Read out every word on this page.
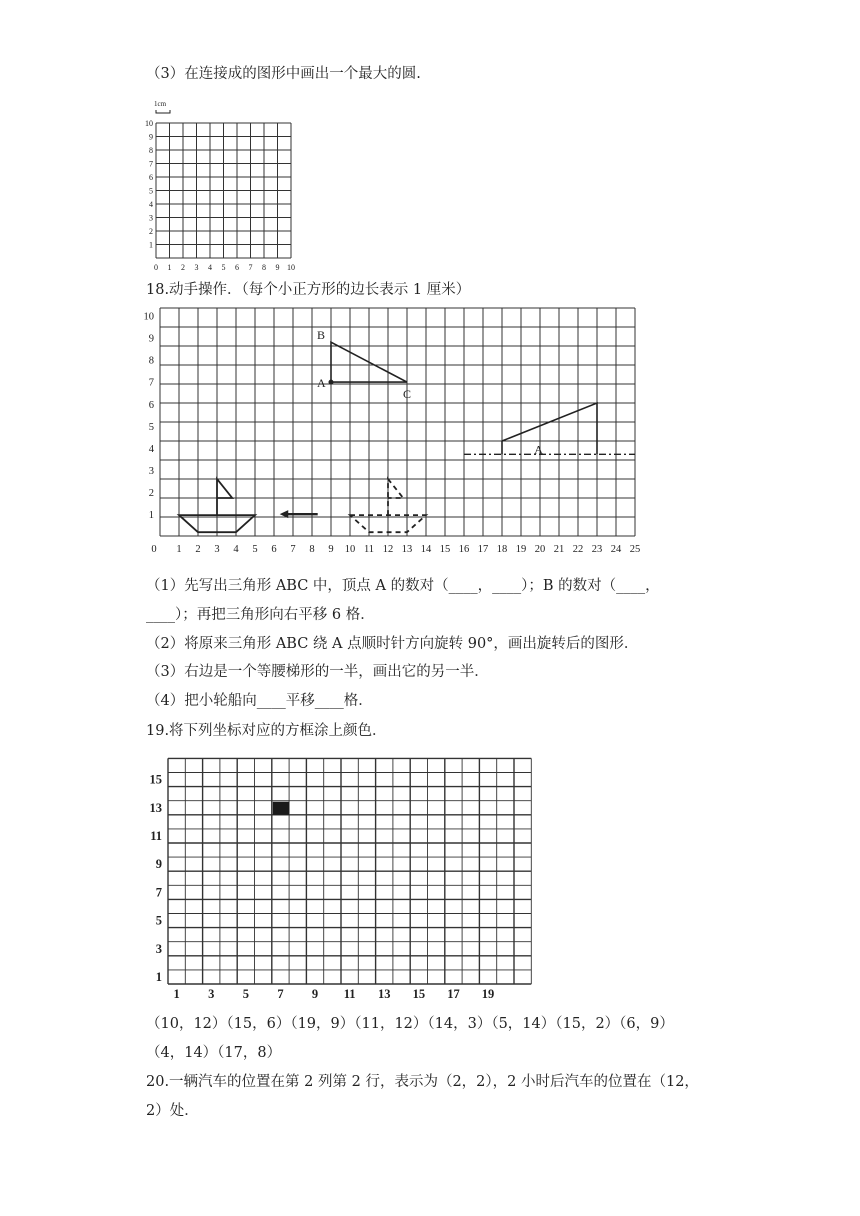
（3）在连接成的图形中画出一个最大的圆.
0 1 2 3 4 5 6 7 8 9 10
1
2
3
4
5
6
7
8
9
10
1cm
18.动手操作．（每个小正方形的边长表示 1 厘米）
0 1 2 3 4 5 6 7 8 9 10 11 12 13 14 15 16 17 18 19 20 21 22 23 24 25
1
2
3
4
5
6
7
8
9
10
B
A
C
A
（1）先写出三角形 ABC 中，顶点 A 的数对（____，____）；B 的数对（____，
____）；再把三角形向右平移 6 格．
（2）将原来三角形 ABC 绕 A 点顺时针方向旋转 90°，画出旋转后的图形．
（3）右边是一个等腰梯形的一半，画出它的另一半．
（4）把小轮船向____平移____格．
19.将下列坐标对应的方框涂上颜色．
1 3 5 7 9 11 13 15 17 19
1
3
5
7
9
11
13
15
（10，12）（15，6）（19，9）（11，12）（14，3）（5，14）（15，2）（6，9）
（4，14）（17，8）
20.一辆汽车的位置在第 2 列第 2 行，表示为（2，2），2 小时后汽车的位置在（12，
2）处．
